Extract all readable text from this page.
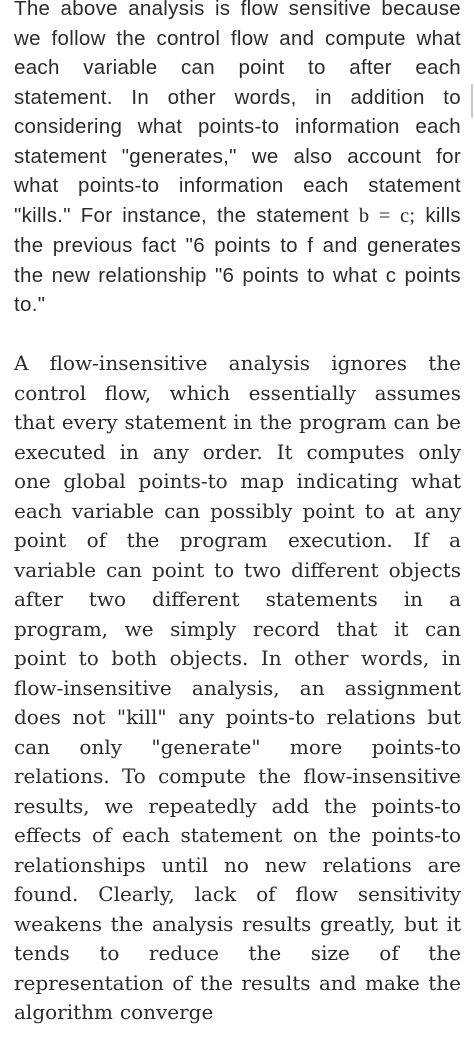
The above analysis is flow sensitive because we follow the control flow and compute what each variable can point to after each statement. In other words, in addition to considering what points-to information each statement "generates," we also account for what points-to information each statement "kills." For instance, the statement b = c; kills the previous fact "6 points to f and generates the new relationship "6 points to what c points to."

A flow-insensitive analysis ignores the control flow, which essentially assumes that every statement in the program can be executed in any order. It computes only one global points-to map indicating what each variable can possibly point to at any point of the program execution. If a variable can point to two different objects after two different statements in a program, we simply record that it can point to both objects. In other words, in flow-insensitive analysis, an assignment does not "kill" any points-to relations but can only "generate" more points-to relations. To compute the flow-insensitive results, we repeatedly add the points-to effects of each statement on the points-to relationships until no new relations are found. Clearly, lack of flow sensitivity weakens the analysis results greatly, but it tends to reduce the size of the representation of the results and make the algorithm converge
